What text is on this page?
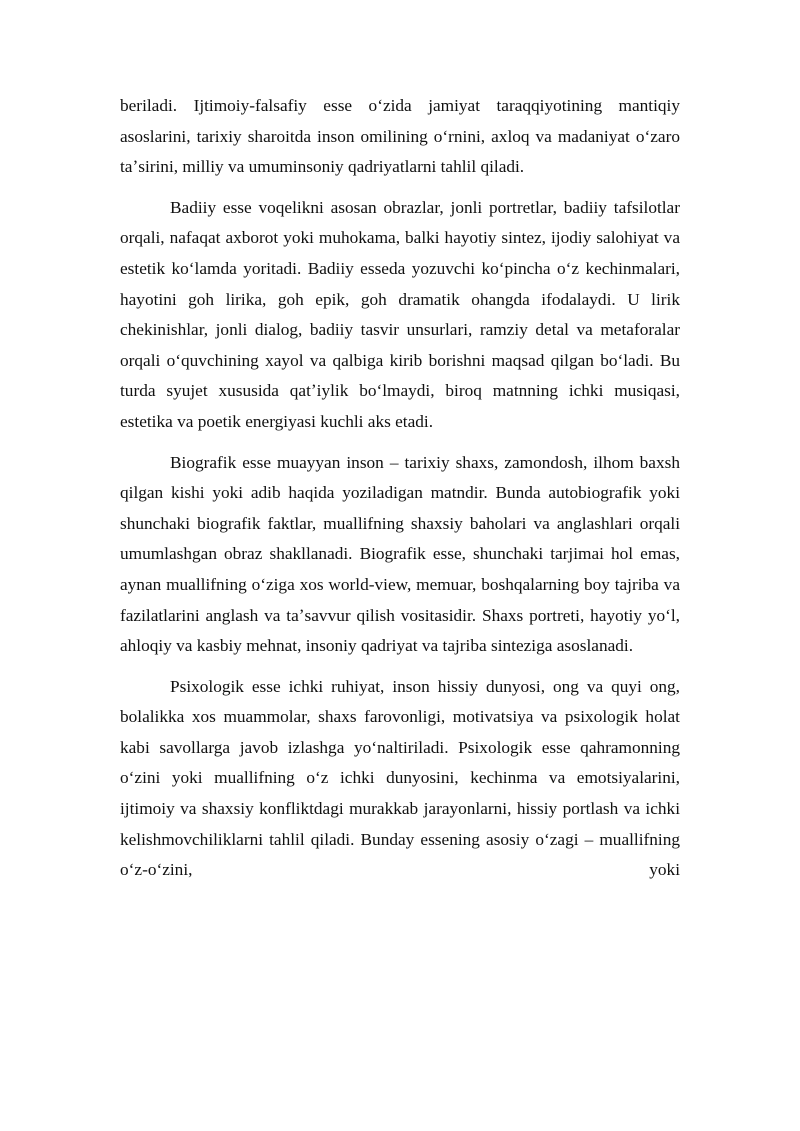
beriladi. Ijtimoiy-falsafiy esse oʻzida jamiyat taraqqiyotining mantiqiy asoslarini, tarixiy sharoitda inson omilining oʻrnini, axloq va madaniyat oʻzaro taʼsirini, milliy va umuminsoniy qadriyatlarni tahlil qiladi.

Badiiy esse voqelikni asosan obrazlar, jonli portretlar, badiiy tafsilotlar orqali, nafaqat axborot yoki muhokama, balki hayotiy sintez, ijodiy salohiyat va estetik koʻlamda yoritadi. Badiiy esseda yozuvchi koʻpincha oʻz kechinmalari, hayotini goh lirika, goh epik, goh dramatik ohangda ifodalaydi. U lirik chekinishlar, jonli dialog, badiiy tasvir unsurlari, ramziy detal va metaforalar orqali oʻquvchining xayol va qalbiga kirib borishni maqsad qilgan boʻladi. Bu turda syujet xususida qatʼiylik boʻlmaydi, biroq matnning ichki musiqasi, estetika va poetik energiyasi kuchli aks etadi.

Biografik esse muayyan inson – tarixiy shaxs, zamondosh, ilhom baxsh qilgan kishi yoki adib haqida yoziladigan matndir. Bunda autobiografik yoki shunchaki biografik faktlar, muallifning shaxsiy baholari va anglashlari orqali umumlashgan obraz shakllanadi. Biografik esse, shunchaki tarjimai hol emas, aynan muallifning oʻziga xos world-view, memuar, boshqalarning boy tajriba va fazilatlarini anglash va taʼsavvur qilish vositasidir. Shaxs portreti, hayotiy yoʻl, ahloqiy va kasbiy mehnat, insoniy qadriyat va tajriba sinteziga asoslanadi.

Psixologik esse ichki ruhiyat, inson hissiy dunyosi, ong va quyi ong, bolalikka xos muammolar, shaxs farovonligi, motivatsiya va psixologik holat kabi savollarga javob izlashga yoʻnaltiriladi. Psixologik esse qahramonning oʻzini yoki muallifning oʻz ichki dunyosini, kechinma va emotsiyalarini, ijtimoiy va shaxsiy konfliktdagi murakkab jarayonlarni, hissiy portlash va ichki kelishmovchiliklarni tahlil qiladi. Bunday essening asosiy oʻzagi – muallifning oʻz-oʻzini, yoki
